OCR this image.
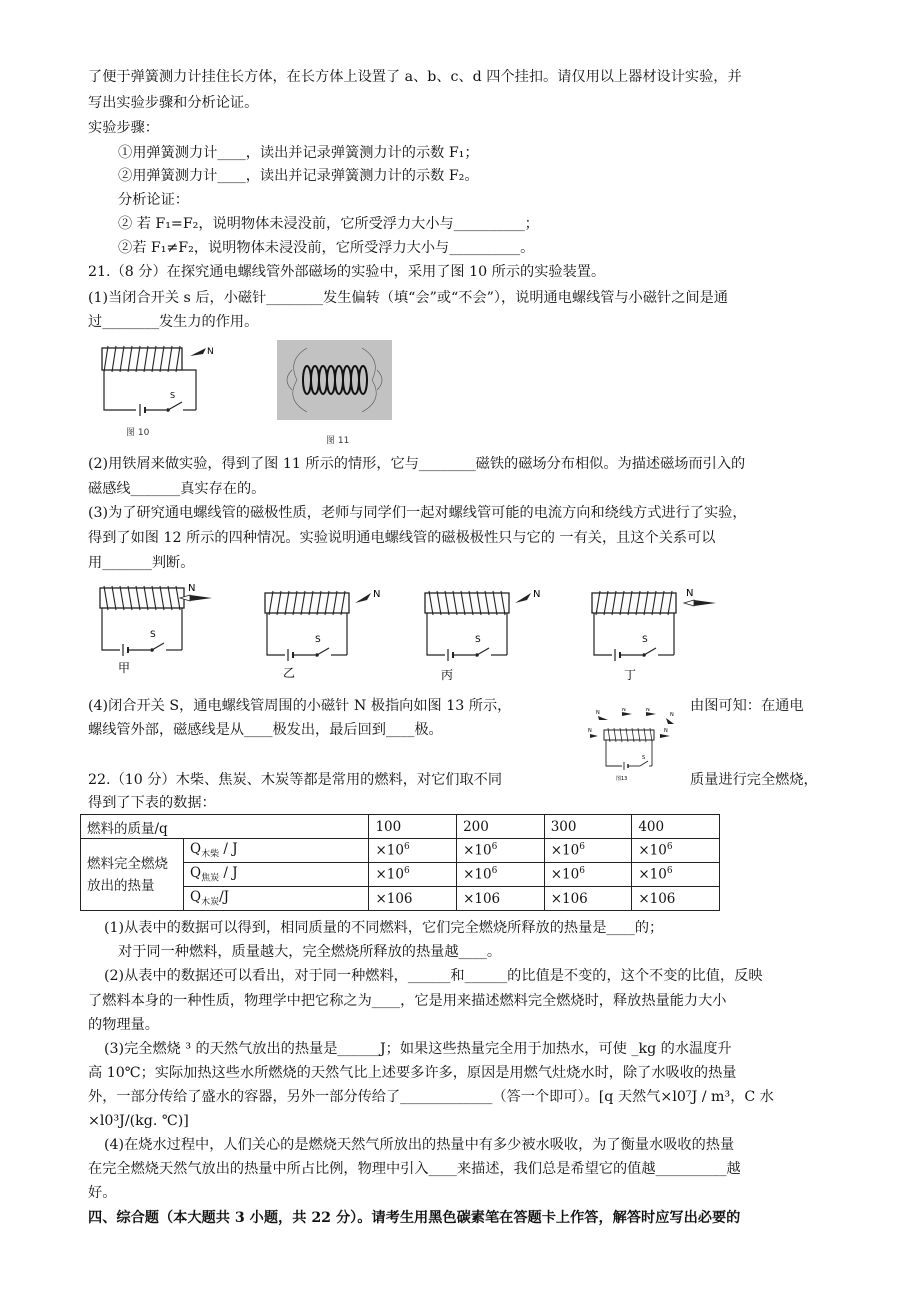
了便于弹簧测力计挂住长方体，在长方体上设置了 a、b、c、d 四个挂扣。请仅用以上器材设计实验，并
写出实验步骤和分析论证。
实验步骤：
①用弹簧测力计____，读出并记录弹簧测力计的示数 F₁；
②用弹簧测力计____，读出并记录弹簧测力计的示数 F₂。
分析论证：
② 若 F₁=F₂，说明物体未浸没前，它所受浮力大小与__________；
②若 F₁≠F₂，说明物体未浸没前，它所受浮力大小与__________。
21.（8 分）在探究通电螺线管外部磁场的实验中，采用了图 10 所示的实验装置。
(1)当闭合开关 s 后，小磁针________发生偏转（填“会”或“不会”），说明通电螺线管与小磁针之间是通
过________发生力的作用。
N
S
图 10
图 11
(2)用铁屑来做实验，得到了图 11 所示的情形，它与________磁铁的磁场分布相似。为描述磁场而引入的
磁感线_______真实存在的。
(3)为了研究通电螺线管的磁极性质，老师与同学们一起对螺线管可能的电流方向和绕线方式进行了实验，
得到了如图 12 所示的四种情况。实验说明通电螺线管的磁极极性只与它的 一有关，且这个关系可以
用_______判断。
N
S
甲
N
S
乙
N
S
丙
N
S
丁
(4)闭合开关 S，通电螺线管周围的小磁针 N 极指向如图 13 所示，	由图可知：在通电
螺线管外部，磁感线是从____极发出，最后回到____极。
N	N	N
N
N	N
S
图13
22.（10 分）木柴、焦炭、木炭等都是常用的燃料，对它们取不同	质量进行完全燃烧，
得到了下表的数据：
燃料的质量/q		100	200	300	400
燃料完全燃烧放出的热量	$Q_{木柴}$ / J	$\times 10^6$	$\times 10^6$	$\times 10^6$	$\times 10^6$
	$Q_{焦炭}$ / J	$\times 10^6$	$\times 10^6$	$\times 10^6$	$\times 10^6$
	$Q_{木炭}/J$	×106	×106	×106	×106
(1)从表中的数据可以得到，相同质量的不同燃料，它们完全燃烧所释放的热量是____的；
对于同一种燃料，质量越大，完全燃烧所释放的热量越____。
(2)从表中的数据还可以看出，对于同一种燃料，______和______的比值是不变的，这个不变的比值，反映
了燃料本身的一种性质，物理学中把它称之为____，它是用来描述燃料完全燃烧时，释放热量能力大小
的物理量。
(3)完全燃烧 ³ 的天然气放出的热量是______J；如果这些热量完全用于加热水，可使 _kg 的水温度升
高 10℃；实际加热这些水所燃烧的天然气比上述要多许多，原因是用燃气灶烧水时，除了水吸收的热量
外，一部分传给了盛水的容器，另外一部分传给了_____________（答一个即可）。[q 天然气×l0⁷J / m³，C 水
×l0³J/(kg. ℃)]
(4)在烧水过程中，人们关心的是燃烧天然气所放出的热量中有多少被水吸收，为了衡量水吸收的热量
在完全燃烧天然气放出的热量中所占比例，物理中引入____来描述，我们总是希望它的值越__________越
好。
四、综合题（本大题共 3 小题，共 22 分）。请考生用黑色碳素笔在答题卡上作答，解答时应写出必要的
